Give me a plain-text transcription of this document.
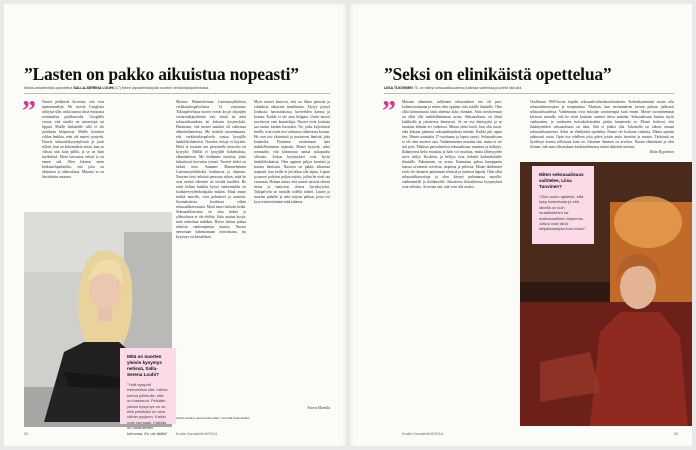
”Lasten on pakko aikuistua nopeasti”
Media-assistentiksi opiskeleva SALLA-SERENA LOUHI (17) tekee vapaaehtoistyötä nuorten verkkotukiopalvelussa.
” Nuoret pelkäävät hirveästi, että ovat epänormaaleja. He etsivät Googlesta selitystä sille, mikä tuntuu tässä eriosiasta normaalista poikkeavalta. Googlella vastaa, että sinulla on rintasyöpä tai lippuri. Muille lääkäreille sillä ei ole juurikaan helpotusta. Mielle korruttoi vildon lenkkia, ettei ole nuoret syntyvät. Nuoria seksuaalikysymyksistä ja juuri silloin, kun on kokemuksia niistä, kun on välissä niin kuin pälliä, ja se on liian myöhäistä. Moni harvastaa seksiä ja on ennen sitä. Olen lukenut netin keskustelupalsteilta, että joku on aloittanut jo alakoulussa. Minusta se on hirvittävän nuorena.
Monien Mannerheimin Lastensuojeluliiton verkkotukiopalvelussa 14 vuotiaana. Tukiopalvelussa nuoret voivat kysyä ohjaajien vertaistukijaryhmän sitä, mistä tai mitä seksuaalisuudesta tai kehosta kysymyksiä. Huomasin, että monet muukin oli vaikeassa elämäntilanteessa. Me tietävät nuoremmasta, että verkkotukiopalvelu vastaa kysyjille henkilökohtaisesti. Nuorten tietoja ei käytetä. Heitä ei tuomita sen perusteella kertooko tai kysyykö. Meillä ei kysyjälle kokemuksia, elämänkertaa. Me tiedämme nuorista, jotka haluaisivat luovuttaa työnsä. Tuoreet tiedot on tärkeä tieto. Saamme Mannerheimin Lastensuojeluliitolta koulutusta ja ohjausta. Nuorten tieto seksistä perustuu siihen, mitä he ovat netistä lukeneet tai toisilta kuulleet. He eivät kehtaa kaikilta kysyä vanhemmilta tai kouluterveydenhoitajalta mitään. Minä annan mieltä nuorille, ovat palautteet ja auttavat. Suomalaisissa kouluissa vähän seksuaalikasvatusta. Moni nuori haluaisi tietää. Seksuaalikasvatus on aina tärkeä ja yläkoulussa ei ole ehditty. Joku saattaa kysyä, mitä tarkoittaa mikäkin. Harva haluaa puhua seksistä vanhempiensa kanssa. Nuoria neuvotaan hakeutumaan neuvontaan, jos kysymys on kiusallinen.
Myös nuoret kertovat, että on liikaa paineita ja odotuksia aikuisten maailmasta. Täytyy pystyä koulussa, harrastuksissa, kavereiden kanssa ja kotona. Kaikki ei ole aina helppoa. Usein nuoret tarvitsevat vain kuuntelijaa. Nuoret eivät koskaan saa tuntea itseään huonoksi. Ne, jotka kirjoittavat meille, ovat usein itse vaikeassa tilanteessa kotona. He ovat tosi yksinäisiä ja tarvitsevat ihmistä, joka kuuntelee. Pyrimme vastaamaan aina mahdollisimman nopeasti. Monet kysyvät, onko normaalia, että kiinnostuu samaa sukupuolta olevasta. Joskus kysymykset ovat hyvin henkilökohtaisia. Olen oppinut paljon itsestäni ja muista ihmisistä. Nuorten on pakko aikuistua nopeasti, kun heille ei jää aikaa olla lapsia. Lapset ja nuoret pohtivat paljon asioita, joihin he eivät saa vastausta. Haluan auttaa, että nuoret saisivat oikeaa tietoa ja tuntisivat olonsa hyväksytyksi. Tukipalvelu on minulle todella tärkeä. Lasten ja nuorten puhelin ja netti tarjoaa paikan, jossa voi kysyä nimettömänä mitä tahansa.
Mitä on nuorten yleisin kysymys netissä, Salla-Serena Louhi?
”Ystä kysyvät esimerkiksi sitä, milloin kertoa jollekulle, että on ihastunut. Pelkään yleisin kysymys on se, että pelkääkö on aina vähän pyylpen. Kaikki ovat normaali. Kaikilla on omanlainen kehonsa. En ole täällä”.
Noora Marttila
Teksti suomi-ja-kuvaa-kohta-ääni: www.mll.fi/nuortennet
32	Kodin Kuvalehti 6/2014
”Seksi on elinikäistä opettelua”
LIISA TUOVINEN 75, on elänyt seksuaalisuutensa kaikissa vaiheissa ja pohtii sitä yhä.
” Muistan elänneeni, millainen seksuaalinen veo oli pari-kolmevuotiaaana ja miten olen oppinut siitä toisille ihmisille. Olen ollut kiinnostunut tästä aiheesta koko elämäni. Aina tavoitteenani on ollut olla mahdollisimman avoin. Seksuaalisuus on läsnä kaikkialla ja jokaisessa ihmisessä. Se on osa ihmisyyttä ja se muuttuu elämän eri vaiheissa. Minun äitini kuoli, kun olin nuori, eikä kukaan puhunut seksuaalisuudesta mitään. Kaikki piti oppia itse. Menin naimisiin 27-vuotiaana ja lapsia syntyi. Seksuaalisuus ei ole vain nuorten asia. Vanheneminen muuttaa sitä, mutta ei vie sitä pois. Pitkässä parisuhteessa seksuaalisuus muuttuu ja kehittyy. Ikääntyessä keho muuttuu ja halu voi muuttua, mutta läheisyyden tarve säilyy. Kosketus ja hellyys ovat tärkeitä kaikenikäisille ihmisille. Puhuminen on avain. Kannattaa puhua kumppanin kanssa avoimesti toiveista, tarpeista ja peloista. Monet ikäihmiset eivät ole tottuneet puhumaan seksistä ja tuntevat häpeää. Olen ollut seksuaalikasvattaja ja olen käynyt puhumassa nuorille, vanhemmille ja ikäihmisille. Jokaisessa ikävaiheessa kysymykset ovat erilaisia. Arvostan sitä, että voin olla avuksi.
Osallistuin 1960-luvun lopulla seksuaalivalistuskoulutukseen. Kolmekymmentä vuotta olin seksuaalineuvojana ja terapeuttina. Muistan, kun ensimmäisen kerran puhuin julkisesti seksuaalisuudesta. Vanhemmat ovat nykyään avoimempia kuin ennen. Monet isovanhemmat kertovat minulle, että he eivät koskaan saaneet tietoa mistään. Seksuaalisuus kuuluu myös vanhuuteen, ja vanhusten hoivakodeissakin pitäisi huomioida se. Monet kokevat, että ikääntyneiden seksuaalisuus on tabu. Sitä ei pitäisi olla. Jokaisella on oikeus omaan seksuaalisuuteensa. Seksi on elinikäistä opettelua. Emme ole koskaan valmiita. Elämä opettaa jatkuvasti uutta. Opin itse edelleen joka päivä jotain uutta itsestäni ja muista. Tärkeintä on hyväksyä itsensä sellaisena kuin on. Jokainen ihminen on arvokas. Nautin elämästäni ja olen iloinen, että saan olla mukana keskustelemassa näistä tärkeistä asioista.
Riitta Rygvalsen
Miten seksuaalisuus vaihtelee, Liisa Tuovinen?
”Olen usein ajatellut, että kyky kosketusta ja sitä lähellä on kuin musiikkiäinen tai matemaattinen taipumus. Jotkut ovat siinä lahjakkaampia kuin toiset.”
Kodin Kuvalehti 6/2014	33
